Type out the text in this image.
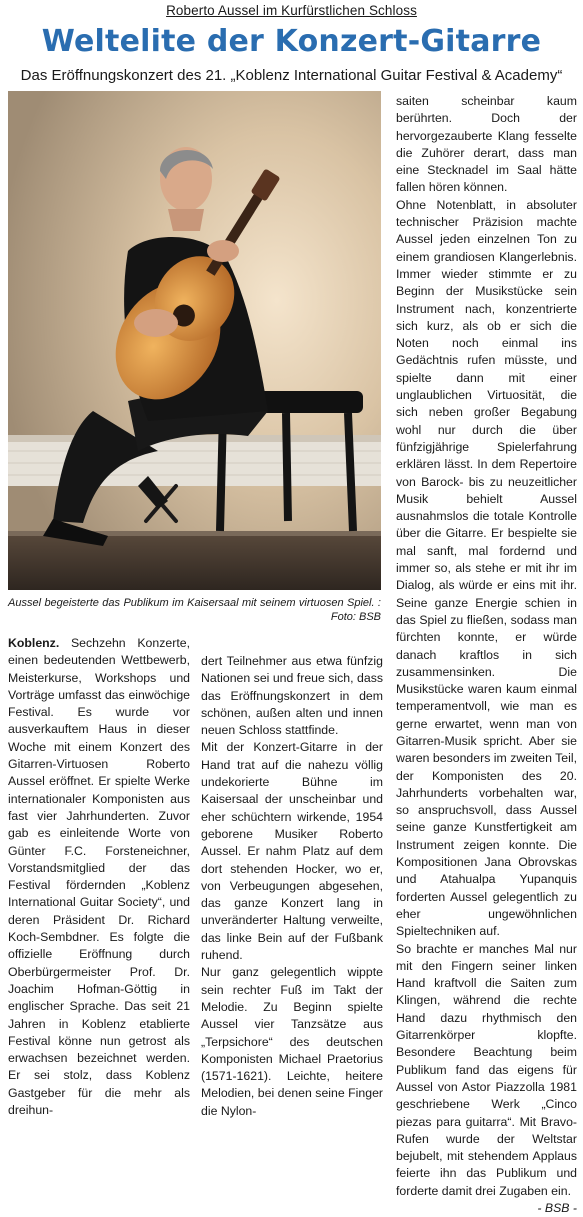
Roberto Aussel im Kurfürstlichen Schloss
Weltelite der Konzert-Gitarre
Das Eröffnungskonzert des 21. „Koblenz International Guitar Festival & Academy“
Aussel begeisterte das Publikum im Kaisersaal mit seinem virtuosen Spiel. : Foto: BSB

Koblenz. Sechzehn Konzerte, einen bedeutenden Wettbewerb, Meisterkurse, Workshops und Vorträge umfasst das einwöchige Festival. Es wurde vor ausverkauftem Haus in dieser Woche mit einem Konzert des Gitarren-Virtuosen Roberto Aussel eröffnet. Er spielte Werke internationaler Komponisten aus fast vier Jahrhunderten. Zuvor gab es einleitende Worte von Günter F.C. Forsteneichner, Vorstandsmitglied der das Festival fördernden „Koblenz International Guitar Society“, und deren Präsident Dr. Richard Koch-Sembdner. Es folgte die offizielle Eröffnung durch Oberbürgermeister Prof. Dr. Joachim Hofman-Göttig in englischer Sprache. Das seit 21 Jahren in Koblenz etablierte Festival könne nun getrost als erwachsen bezeichnet werden. Er sei stolz, dass Koblenz Gastgeber für die mehr als dreihun-

dert Teilnehmer aus etwa fünfzig Nationen sei und freue sich, dass das Eröffnungskonzert in dem schönen, außen alten und innen neuen Schloss stattfinde.

Mit der Konzert-Gitarre in der Hand trat auf die nahezu völlig undekorierte Bühne im Kaisersaal der unscheinbar und eher schüchtern wirkende, 1954 geborene Musiker Roberto Aussel. Er nahm Platz auf dem dort stehenden Hocker, wo er, von Verbeugungen abgesehen, das ganze Konzert lang in unveränderter Haltung verweilte, das linke Bein auf der Fußbank ruhend.

Nur ganz gelegentlich wippte sein rechter Fuß im Takt der Melodie. Zu Beginn spielte Aussel vier Tanzsätze aus „Terpsichore“ des deutschen Komponisten Michael Praetorius (1571-1621). Leichte, heitere Melodien, bei denen seine Finger die Nylon-

saiten scheinbar kaum berührten. Doch der hervorgezauberte Klang fesselte die Zuhörer derart, dass man eine Stecknadel im Saal hätte fallen hören können.

Ohne Notenblatt, in absoluter technischer Präzision machte Aussel jeden einzelnen Ton zu einem grandiosen Klangerlebnis. Immer wieder stimmte er zu Beginn der Musikstücke sein Instrument nach, konzentrierte sich kurz, als ob er sich die Noten noch einmal ins Gedächtnis rufen müsste, und spielte dann mit einer unglaublichen Virtuosität, die sich neben großer Begabung wohl nur durch die über fünfzigjährige Spielerfahrung erklären lässt. In dem Repertoire von Barock- bis zu neuzeitlicher Musik behielt Aussel ausnahmslos die totale Kontrolle über die Gitarre. Er bespielte sie mal sanft, mal fordernd und immer so, als stehe er mit ihr im Dialog, als würde er eins mit ihr. Seine ganze Energie schien in das Spiel zu fließen, sodass man fürchten konnte, er würde danach kraftlos in sich zusammensinken. Die Musikstücke waren kaum einmal temperamentvoll, wie man es gerne erwartet, wenn man von Gitarren-Musik spricht. Aber sie waren besonders im zweiten Teil, der Komponisten des 20. Jahrhunderts vorbehalten war, so anspruchsvoll, dass Aussel seine ganze Kunstfertigkeit am Instrument zeigen konnte. Die Kompositionen Jana Obrovskas und Atahualpa Yupanquis forderten Aussel gelegentlich zu eher ungewöhnlichen Spieltechniken auf.

So brachte er manches Mal nur mit den Fingern seiner linken Hand kraftvoll die Saiten zum Klingen, während die rechte Hand dazu rhythmisch den Gitarrenkörper klopfte. Besondere Beachtung beim Publikum fand das eigens für Aussel von Astor Piazzolla 1981 geschriebene Werk „Cinco piezas para guitarra“. Mit Bravo-Rufen wurde der Weltstar bejubelt, mit stehendem Applaus feierte ihn das Publikum und forderte damit drei Zugaben ein.
- BSB -
